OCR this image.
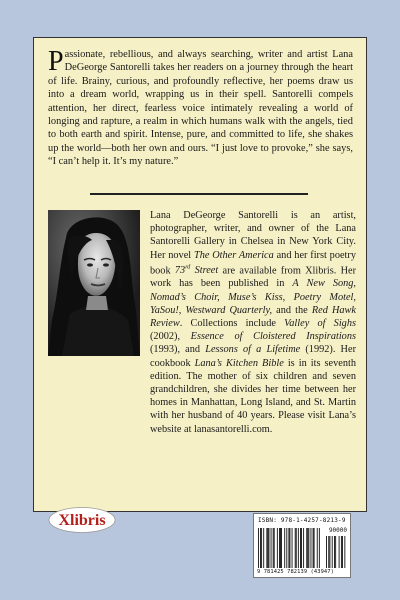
Passionate, rebellious, and always searching, writer and artist Lana DeGeorge Santorelli takes her readers on a journey through the heart of life. Brainy, curious, and profoundly reflective, her poems draw us into a dream world, wrapping us in their spell. Santorelli compels attention, her direct, fearless voice intimately revealing a world of longing and rapture, a realm in which humans walk with the angels, tied to both earth and spirit. Intense, pure, and committed to life, she shakes up the world—both her own and ours. “I just love to provoke,” she says, “I can’t help it. It’s my nature.”

Lana DeGeorge Santorelli is an artist, photographer, writer, and owner of the Lana Santorelli Gallery in Chelsea in New York City. Her novel The Other America and her first poetry book 73rd Street are available from Xlibris. Her work has been published in A New Song, Nomad’s Choir, Muse’s Kiss, Poetry Motel, YaSou!, Westward Quarterly, and the Red Hawk Review. Collections include Valley of Sighs (2002), Essence of Cloistered Inspirations (1993), and Lessons of a Lifetime (1992). Her cookbook Lana’s Kitchen Bible is in its seventh edition. The mother of six children and seven grandchildren, she divides her time between her homes in Manhattan, Long Island, and St. Martin with her husband of 40 years. Please visit Lana’s website at lanasantorelli.com.

Xlibris	ISBN: 978-1-4257-8213-9
90000
9 781425 782139 (43947)
